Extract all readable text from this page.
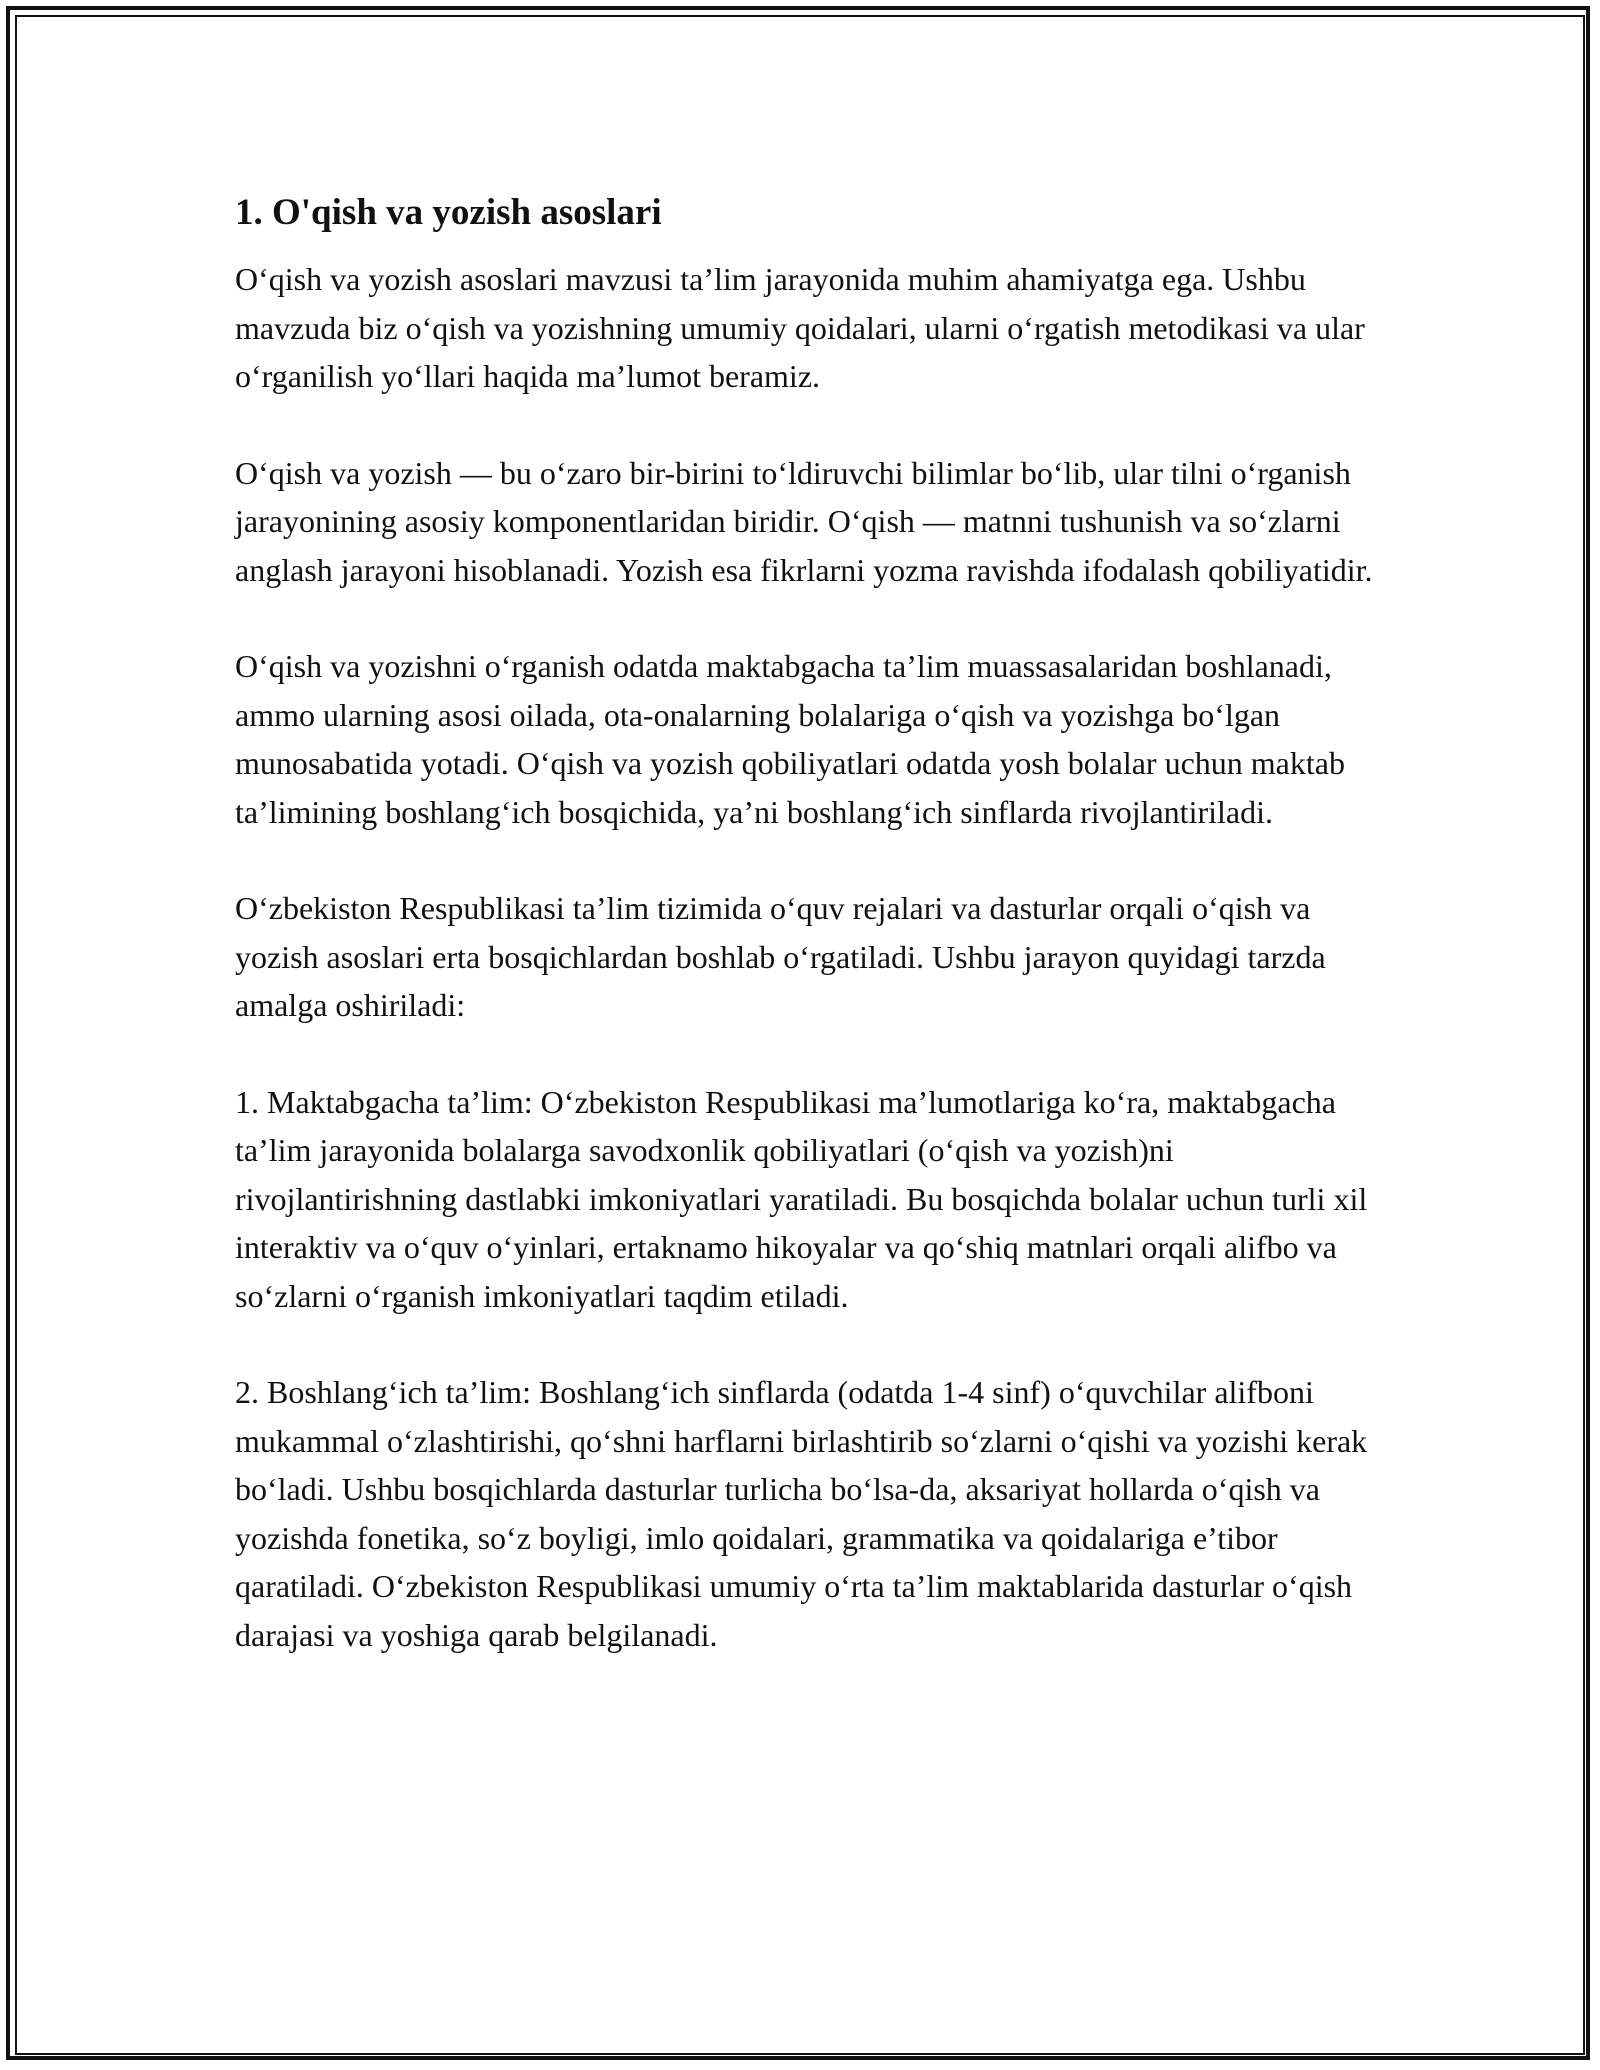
1. O'qish va yozish asoslari

O‘qish va yozish asoslari mavzusi ta’lim jarayonida muhim ahamiyatga ega. Ushbu mavzuda biz o‘qish va yozishning umumiy qoidalari, ularni o‘rgatish metodikasi va ular o‘rganilish yo‘llari haqida ma’lumot beramiz.

O‘qish va yozish — bu o‘zaro bir-birini to‘ldiruvchi bilimlar bo‘lib, ular tilni o‘rganish jarayonining asosiy komponentlaridan biridir. O‘qish — matnni tushunish va so‘zlarni anglash jarayoni hisoblanadi. Yozish esa fikrlarni yozma ravishda ifodalash qobiliyatidir.

O‘qish va yozishni o‘rganish odatda maktabgacha ta’lim muassasalaridan boshlanadi, ammo ularning asosi oilada, ota-onalarning bolalariga o‘qish va yozishga bo‘lgan munosabatida yotadi. O‘qish va yozish qobiliyatlari odatda yosh bolalar uchun maktab ta’limining boshlang‘ich bosqichida, ya’ni boshlang‘ich sinflarda rivojlantiriladi.

O‘zbekiston Respublikasi ta’lim tizimida o‘quv rejalari va dasturlar orqali o‘qish va yozish asoslari erta bosqichlardan boshlab o‘rgatiladi. Ushbu jarayon quyidagi tarzda amalga oshiriladi:

1. Maktabgacha ta’lim: O‘zbekiston Respublikasi ma’lumotlariga ko‘ra, maktabgacha ta’lim jarayonida bolalarga savodxonlik qobiliyatlari (o‘qish va yozish)ni rivojlantirishning dastlabki imkoniyatlari yaratiladi. Bu bosqichda bolalar uchun turli xil interaktiv va o‘quv o‘yinlari, ertaknamo hikoyalar va qo‘shiq matnlari orqali alifbo va so‘zlarni o‘rganish imkoniyatlari taqdim etiladi.

2. Boshlang‘ich ta’lim: Boshlang‘ich sinflarda (odatda 1-4 sinf) o‘quvchilar alifboni mukammal o‘zlashtirishi, qo‘shni harflarni birlashtirib so‘zlarni o‘qishi va yozishi kerak bo‘ladi. Ushbu bosqichlarda dasturlar turlicha bo‘lsa-da, aksariyat hollarda o‘qish va yozishda fonetika, so‘z boyligi, imlo qoidalari, grammatika va qoidalariga e’tibor qaratiladi. O‘zbekiston Respublikasi umumiy o‘rta ta’lim maktablarida dasturlar o‘qish darajasi va yoshiga qarab belgilanadi.
